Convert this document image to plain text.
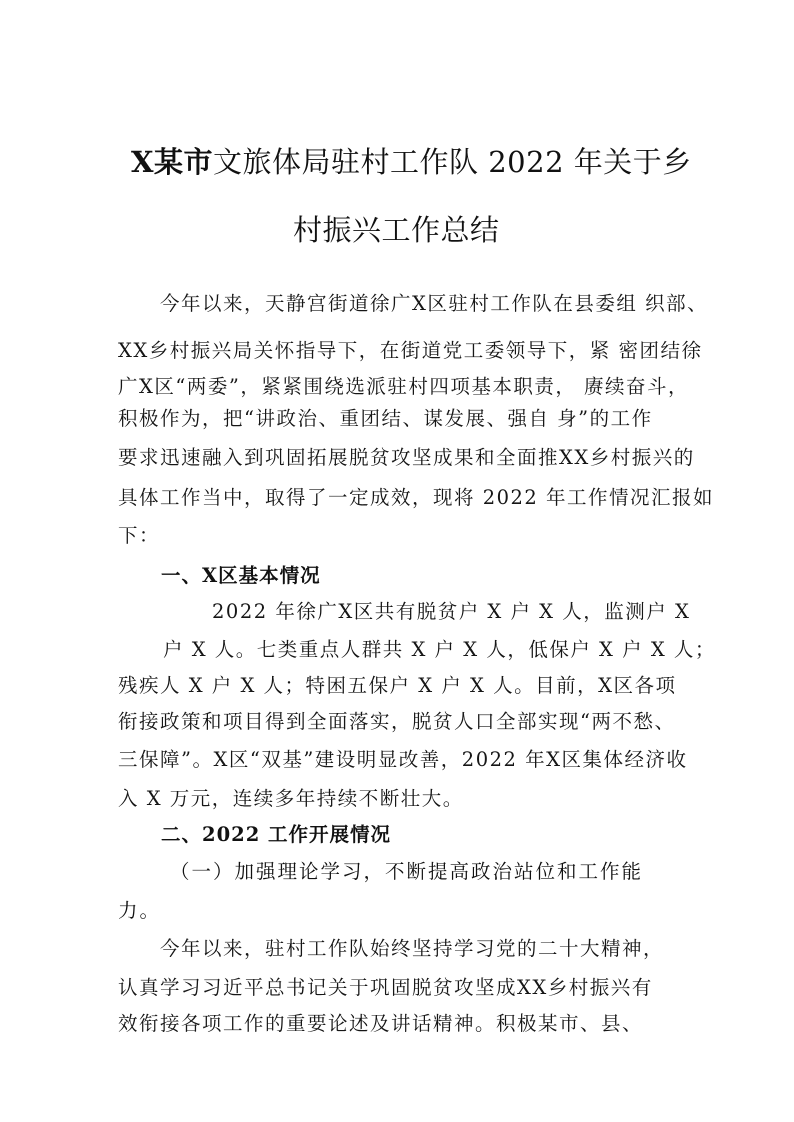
X某市文旅体局驻村工作队 2022 年关于乡
村振兴工作总结
今年以来，天静宫街道徐广X区驻村工作队在县委组 织部、
XX乡村振兴局关怀指导下，在街道党工委领导下，紧 密团结徐
广X区“两委”，紧紧围绕选派驻村四项基本职责， 赓续奋斗，
积极作为，把“讲政治、重团结、谋发展、强自 身”的工作
要求迅速融入到巩固拓展脱贫攻坚成果和全面推XX乡村振兴的
具体工作当中，取得了一定成效，现将 2022 年工作情况汇报如
下：
一、X区基本情况
2022 年徐广X区共有脱贫户 X 户 X 人，监测户 X
户 X 人。七类重点人群共 X 户 X 人，低保户 X 户 X 人；
残疾人 X 户 X 人；特困五保户 X 户 X 人。目前，X区各项
衔接政策和项目得到全面落实，脱贫人口全部实现“两不愁、
三保障”。X区“双基”建设明显改善，2022 年X区集体经济收
入 X 万元，连续多年持续不断壮大。
二、2022 工作开展情况
（一）加强理论学习，不断提高政治站位和工作能
力。
今年以来，驻村工作队始终坚持学习党的二十大精神，
认真学习习近平总书记关于巩固脱贫攻坚成XX乡村振兴有
效衔接各项工作的重要论述及讲话精神。积极某市、县、
